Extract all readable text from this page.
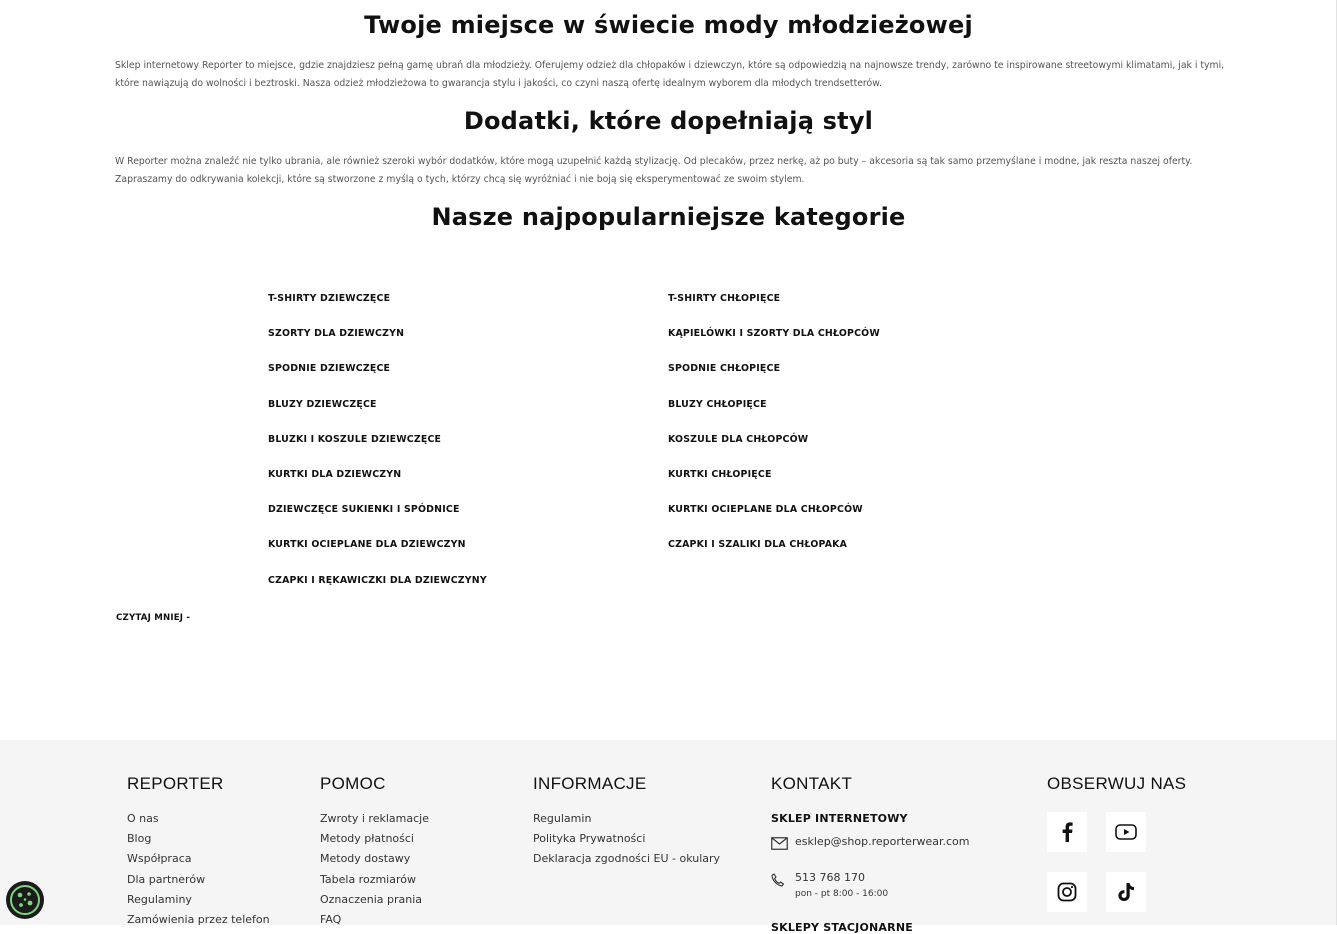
Twoje miejsce w świecie mody młodzieżowej

Sklep internetowy Reporter to miejsce, gdzie znajdziesz pełną gamę ubrań dla młodzieży. Oferujemy odzież dla chłopaków i dziewczyn, które są odpowiedzią na najnowsze trendy, zarówno te inspirowane streetowymi klimatami, jak i tymi, które nawiązują do wolności i beztroski. Nasza odzież młodzieżowa to gwarancja stylu i jakości, co czyni naszą ofertę idealnym wyborem dla młodych trendsetterów.

Dodatki, które dopełniają styl

W Reporter można znaleźć nie tylko ubrania, ale również szeroki wybór dodatków, które mogą uzupełnić każdą stylizację. Od plecaków, przez nerkę, aż po buty – akcesoria są tak samo przemyślane i modne, jak reszta naszej oferty. Zapraszamy do odkrywania kolekcji, które są stworzone z myślą o tych, którzy chcą się wyróżniać i nie boją się eksperymentować ze swoim stylem.

Nasze najpopularniejsze kategorie
T-SHIRTY DZIEWCZĘCE
SZORTY DLA DZIEWCZYN
SPODNIE DZIEWCZĘCE
BLUZY DZIEWCZĘCE
BLUZKI I KOSZULE DZIEWCZĘCE
KURTKI DLA DZIEWCZYN
DZIEWCZĘCE SUKIENKI I SPÓDNICE
KURTKI OCIEPLANE DLA DZIEWCZYN
CZAPKI I RĘKAWICZKI DLA DZIEWCZYNY
T-SHIRTY CHŁOPIĘCE
KĄPIELÓWKI I SZORTY DLA CHŁOPCÓW
SPODNIE CHŁOPIĘCE
BLUZY CHŁOPIĘCE
KOSZULE DLA CHŁOPCÓW
KURTKI CHŁOPIĘCE
KURTKI OCIEPLANE DLA CHŁOPCÓW
CZAPKI I SZALIKI DLA CHŁOPAKA
CZYTAJ MNIEJ -
REPORTER
O nas
Blog
Współpraca
Dla partnerów
Regulaminy
Zamówienia przez telefon
POMOC
Zwroty i reklamacje
Metody płatności
Metody dostawy
Tabela rozmiarów
Oznaczenia prania
FAQ
INFORMACJE
Regulamin
Polityka Prywatności
Deklaracja zgodności EU - okulary
KONTAKT
SKLEP INTERNETOWY
esklep@shop.reporterwear.com
513 768 170
pon - pt 8:00 - 16:00
SKLEPY STACJONARNE
OBSERWUJ NAS
